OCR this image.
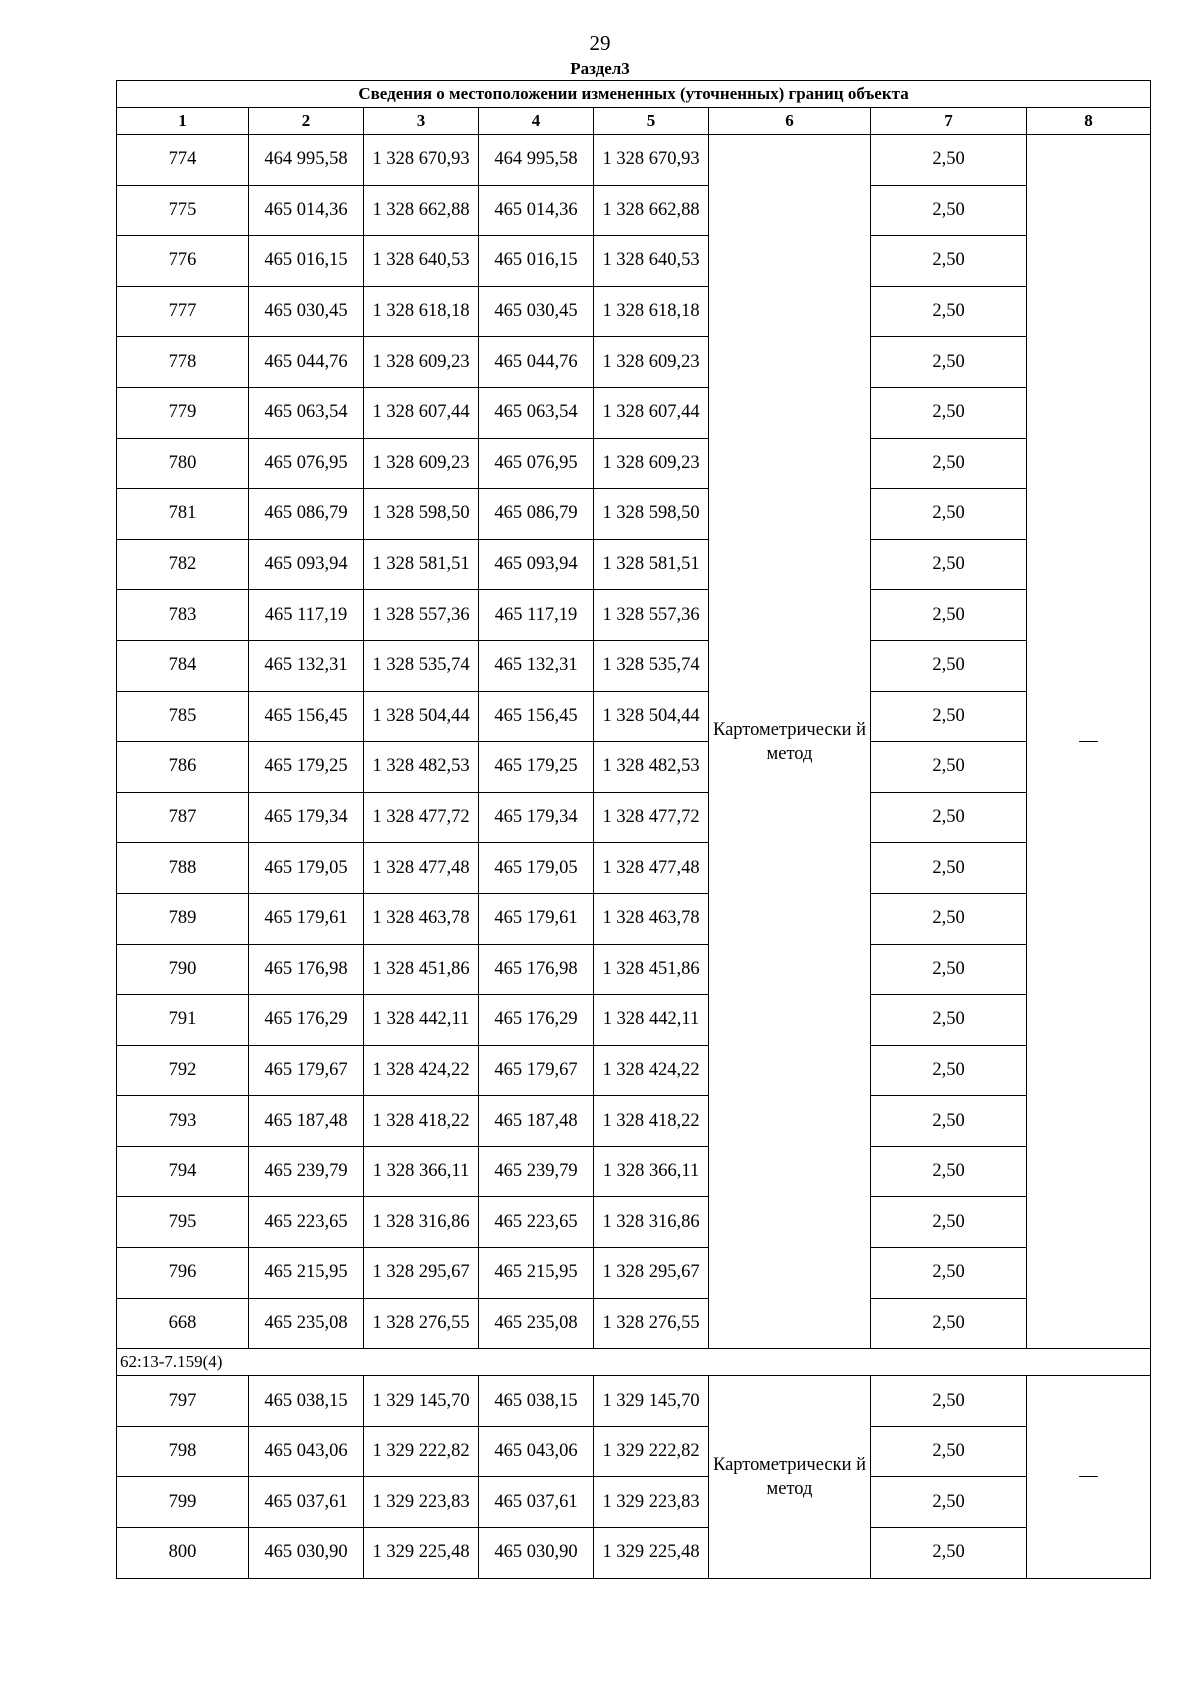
29
Раздел3
Сведения о местоположении измененных (уточненных) границ объекта							
1	2	3	4	5	6	7	8
774	464 995,58	1 328 670,93	464 995,58	1 328 670,93	Картометрически й метод	2,50	—
775	465 014,36	1 328 662,88	465 014,36	1 328 662,88		2,50	
776	465 016,15	1 328 640,53	465 016,15	1 328 640,53		2,50	
777	465 030,45	1 328 618,18	465 030,45	1 328 618,18		2,50	
778	465 044,76	1 328 609,23	465 044,76	1 328 609,23		2,50	
779	465 063,54	1 328 607,44	465 063,54	1 328 607,44		2,50	
780	465 076,95	1 328 609,23	465 076,95	1 328 609,23		2,50	
781	465 086,79	1 328 598,50	465 086,79	1 328 598,50		2,50	
782	465 093,94	1 328 581,51	465 093,94	1 328 581,51		2,50	
783	465 117,19	1 328 557,36	465 117,19	1 328 557,36		2,50	
784	465 132,31	1 328 535,74	465 132,31	1 328 535,74		2,50	
785	465 156,45	1 328 504,44	465 156,45	1 328 504,44		2,50	
786	465 179,25	1 328 482,53	465 179,25	1 328 482,53		2,50	
787	465 179,34	1 328 477,72	465 179,34	1 328 477,72		2,50	
788	465 179,05	1 328 477,48	465 179,05	1 328 477,48		2,50	
789	465 179,61	1 328 463,78	465 179,61	1 328 463,78		2,50	
790	465 176,98	1 328 451,86	465 176,98	1 328 451,86		2,50	
791	465 176,29	1 328 442,11	465 176,29	1 328 442,11		2,50	
792	465 179,67	1 328 424,22	465 179,67	1 328 424,22		2,50	
793	465 187,48	1 328 418,22	465 187,48	1 328 418,22		2,50	
794	465 239,79	1 328 366,11	465 239,79	1 328 366,11		2,50	
795	465 223,65	1 328 316,86	465 223,65	1 328 316,86		2,50	
796	465 215,95	1 328 295,67	465 215,95	1 328 295,67		2,50	
668	465 235,08	1 328 276,55	465 235,08	1 328 276,55		2,50	
62:13-7.159(4)							
797	465 038,15	1 329 145,70	465 038,15	1 329 145,70	Картометрически й метод	2,50	—
798	465 043,06	1 329 222,82	465 043,06	1 329 222,82		2,50	
799	465 037,61	1 329 223,83	465 037,61	1 329 223,83		2,50	
800	465 030,90	1 329 225,48	465 030,90	1 329 225,48		2,50	
